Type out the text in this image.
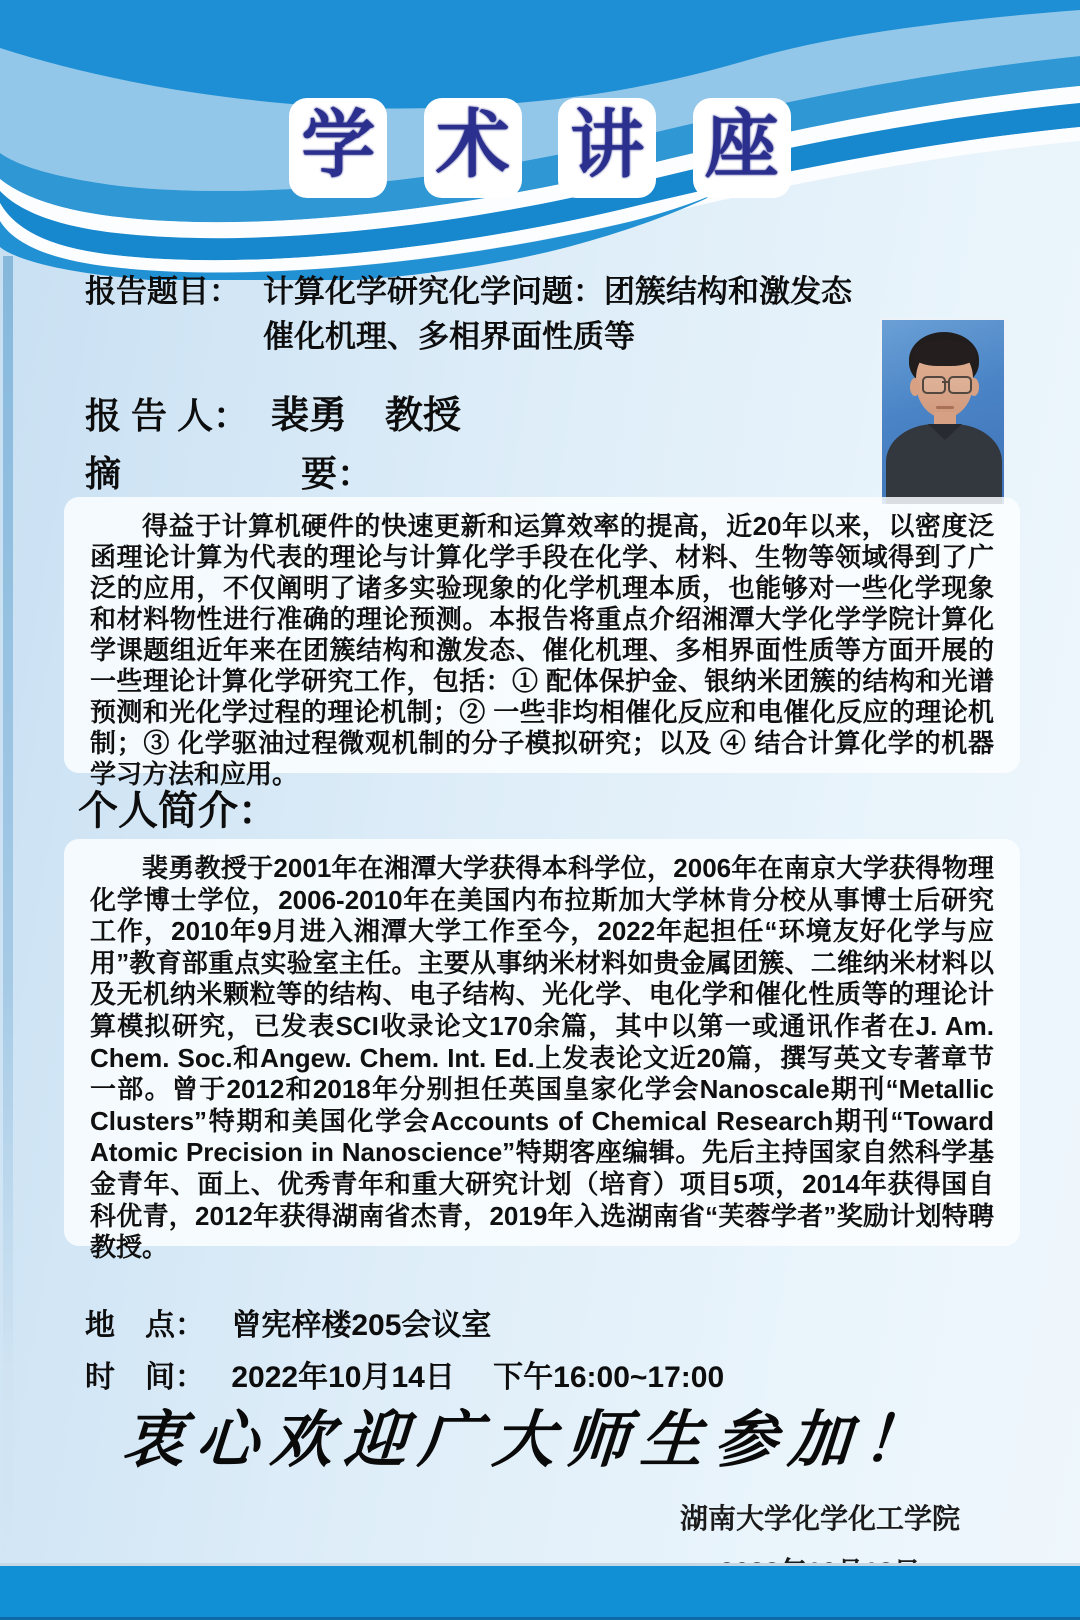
学 术 讲 座
报告题目： 计算化学研究化学问题：团簇结构和激发态
催化机理、多相界面性质等
报 告 人： 裴勇　教授
摘　　　　　要：

得益于计算机硬件的快速更新和运算效率的提高，近20年以来，以密度泛函理论计算为代表的理论与计算化学手段在化学、材料、生物等领域得到了广泛的应用，不仅阐明了诸多实验现象的化学机理本质，也能够对一些化学现象和材料物性进行准确的理论预测。本报告将重点介绍湘潭大学化学学院计算化学课题组近年来在团簇结构和激发态、催化机理、多相界面性质等方面开展的一些理论计算化学研究工作，包括：① 配体保护金、银纳米团簇的结构和光谱预测和光化学过程的理论机制；② 一些非均相催化反应和电催化反应的理论机制；③ 化学驱油过程微观机制的分子模拟研究；以及 ④ 结合计算化学的机器学习方法和应用。

个人简介：

裴勇教授于2001年在湘潭大学获得本科学位，2006年在南京大学获得物理化学博士学位，2006-2010年在美国内布拉斯加大学林肯分校从事博士后研究工作，2010年9月进入湘潭大学工作至今，2022年起担任“环境友好化学与应用”教育部重点实验室主任。主要从事纳米材料如贵金属团簇、二维纳米材料以及无机纳米颗粒等的结构、电子结构、光化学、电化学和催化性质等的理论计算模拟研究，已发表SCI收录论文170余篇，其中以第一或通讯作者在J. Am. Chem. Soc.和Angew. Chem. Int. Ed.上发表论文近20篇，撰写英文专著章节一部。曾于2012和2018年分别担任英国皇家化学会Nanoscale期刊“Metallic Clusters”特期和美国化学会Accounts of Chemical Research期刊“Toward Atomic Precision in Nanoscience”特期客座编辑。先后主持国家自然科学基金青年、面上、优秀青年和重大研究计划（培育）项目5项，2014年获得国自科优青，2012年获得湖南省杰青，2019年入选湖南省“芙蓉学者”奖励计划特聘教授。

地　点： 曾宪梓楼205会议室
时　间： 2022年10月14日　 下午16:00~17:00
衷心欢迎广大师生参加！
湖南大学化学化工学院
